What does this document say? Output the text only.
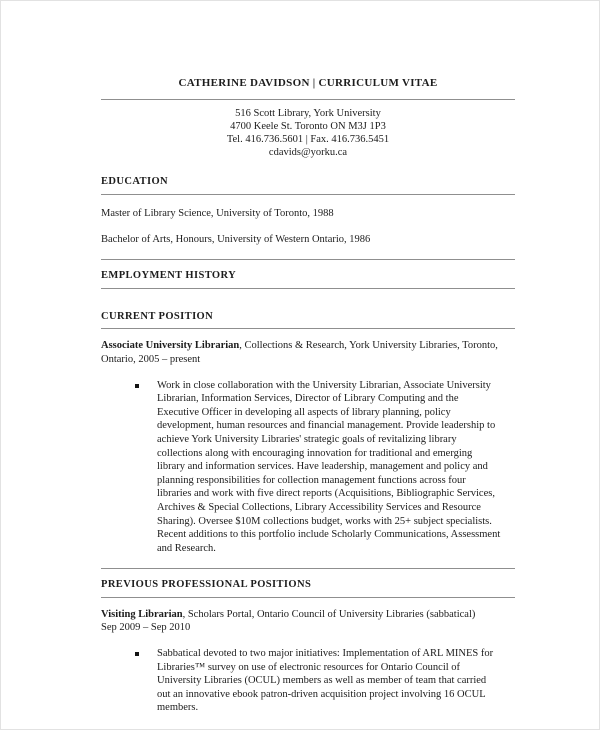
CATHERINE DAVIDSON | CURRICULUM VITAE
516 Scott Library, York University
4700 Keele St. Toronto ON M3J 1P3
Tel. 416.736.5601 | Fax. 416.736.5451
cdavids@yorku.ca
EDUCATION

Master of Library Science, University of Toronto, 1988

Bachelor of Arts, Honours, University of Western Ontario, 1986

EMPLOYMENT HISTORY
CURRENT POSITION

Associate University Librarian, Collections & Research, York University Libraries, Toronto, Ontario, 2005 – present

Work in close collaboration with the University Librarian, Associate University Librarian, Information Services, Director of Library Computing and the Executive Officer in developing all aspects of library planning, policy development, human resources and financial management. Provide leadership to achieve York University Libraries' strategic goals of revitalizing library collections along with encouraging innovation for traditional and emerging library and information services. Have leadership, management and policy and planning responsibilities for collection management functions across four libraries and work with five direct reports (Acquisitions, Bibliographic Services, Archives & Special Collections, Library Accessibility Services and Resource Sharing). Oversee $10M collections budget, works with 25+ subject specialists. Recent additions to this portfolio include Scholarly Communications, Assessment and Research.
PREVIOUS PROFESSIONAL POSITIONS

Visiting Librarian, Scholars Portal, Ontario Council of University Libraries (sabbatical)

Sep 2009 – Sep 2010
Sabbatical devoted to two major initiatives: Implementation of ARL MINES for Libraries™ survey on use of electronic resources for Ontario Council of University Libraries (OCUL) members as well as member of team that carried out an innovative ebook patron-driven acquisition project involving 16 OCUL members.
